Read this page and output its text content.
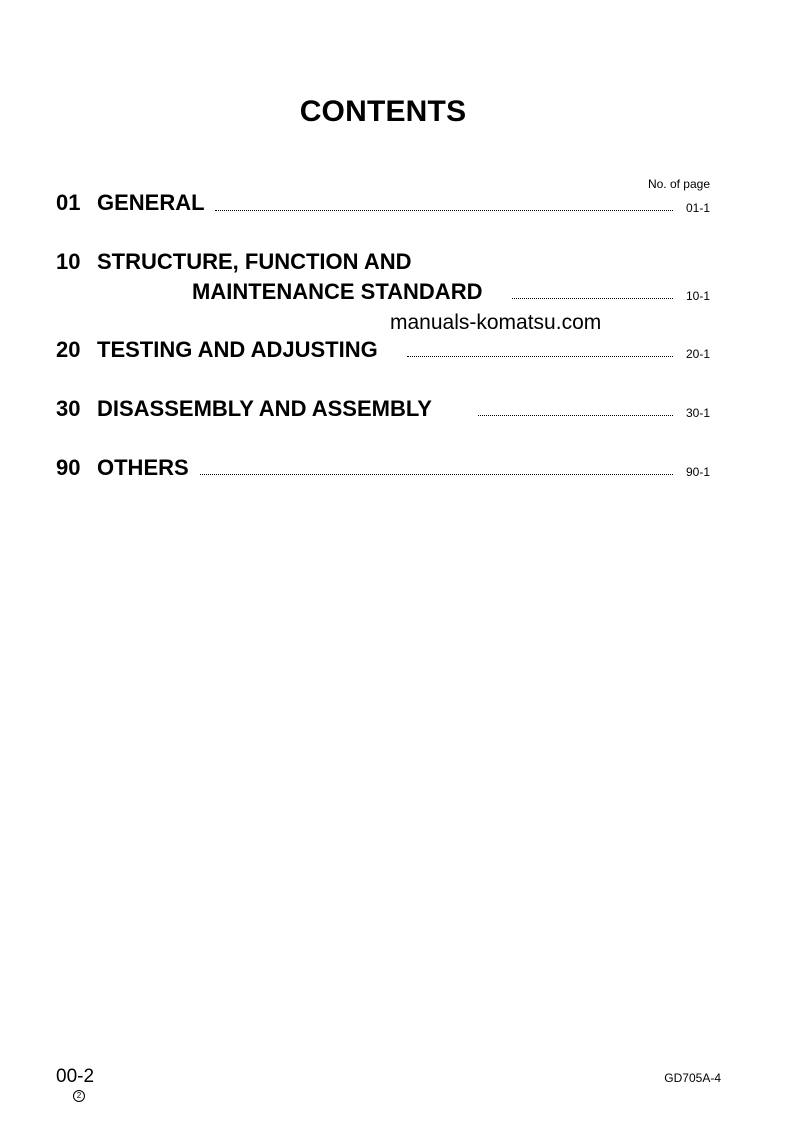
CONTENTS
No. of page
01 GENERAL	01-1
10 STRUCTURE, FUNCTION AND
MAINTENANCE STANDARD	10-1
manuals-komatsu.com
20 TESTING AND ADJUSTING	20-1
30 DISASSEMBLY AND ASSEMBLY	30-1
90 OTHERS	90-1
00-2
2
GD705A-4
